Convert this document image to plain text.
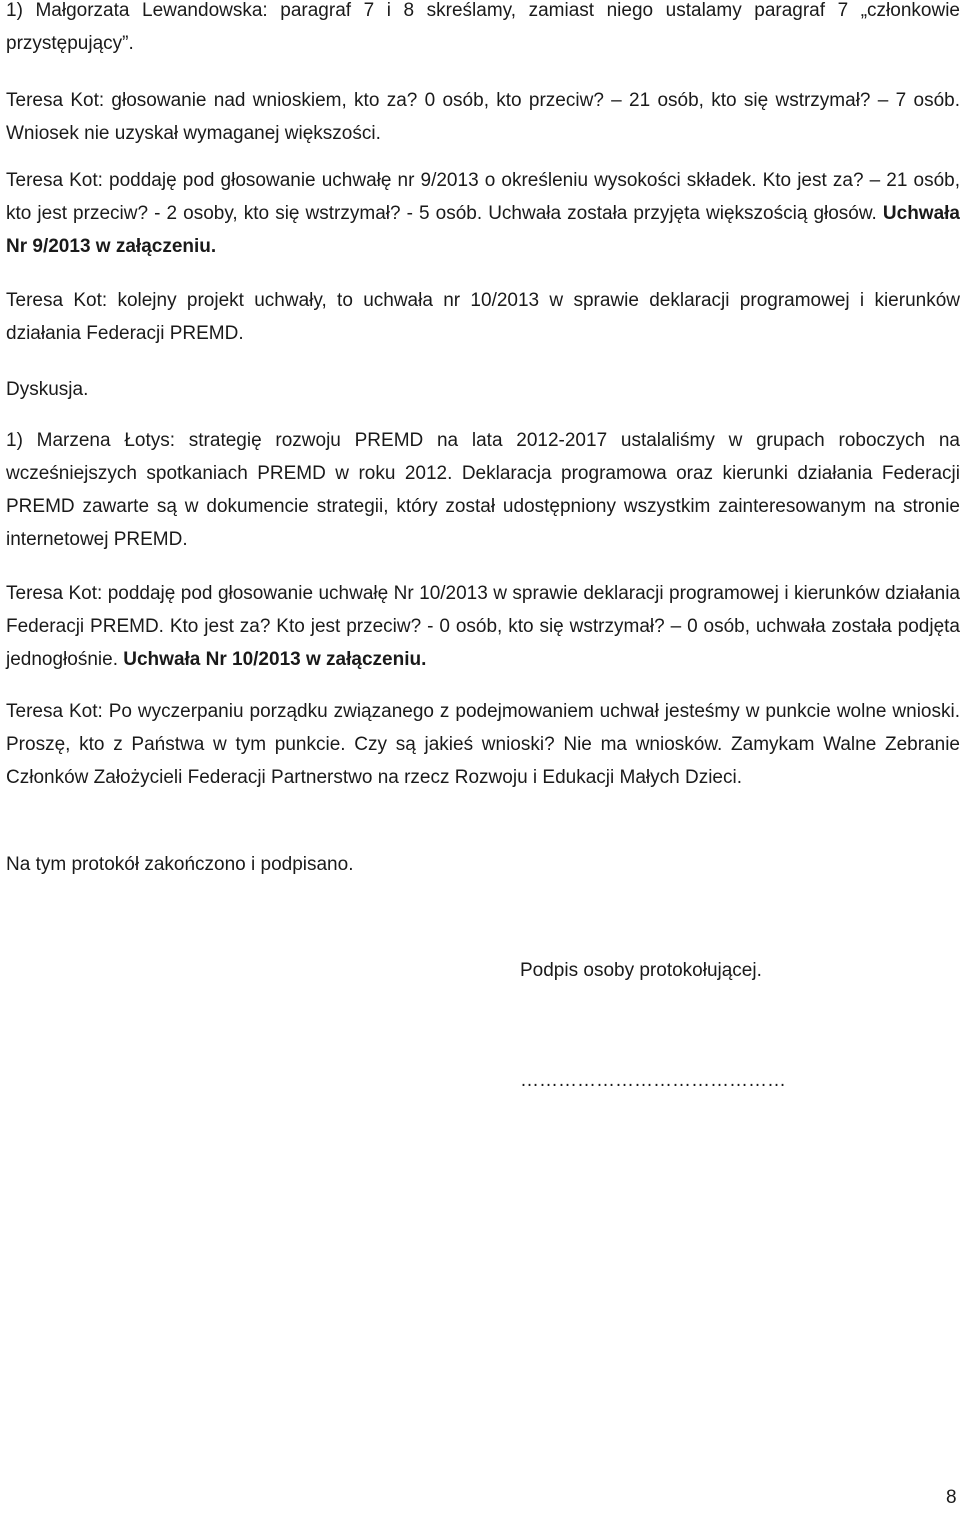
1) Małgorzata Lewandowska: paragraf 7 i 8 skreślamy, zamiast niego ustalamy paragraf 7 „członkowie przystępujący”.

Teresa Kot: głosowanie nad wnioskiem, kto za? 0 osób, kto przeciw? – 21 osób, kto się wstrzymał? – 7 osób. Wniosek nie uzyskał wymaganej większości.

Teresa Kot: poddaję pod głosowanie uchwałę nr 9/2013 o określeniu wysokości składek. Kto jest za? – 21 osób, kto jest przeciw? - 2 osoby, kto się wstrzymał? - 5 osób. Uchwała została przyjęta większością głosów. Uchwała Nr 9/2013 w załączeniu.

Teresa Kot: kolejny projekt uchwały, to uchwała nr 10/2013 w sprawie deklaracji programowej i kierunków działania Federacji PREMD.

Dyskusja.

1) Marzena Łotys: strategię rozwoju PREMD na lata 2012-2017 ustalaliśmy w grupach roboczych na wcześniejszych spotkaniach PREMD w roku 2012. Deklaracja programowa oraz kierunki działania Federacji PREMD zawarte są w dokumencie strategii, który został udostępniony wszystkim zainteresowanym na stronie internetowej PREMD.

Teresa Kot: poddaję pod głosowanie uchwałę Nr 10/2013 w sprawie deklaracji programowej i kierunków działania Federacji PREMD. Kto jest za? Kto jest przeciw? - 0 osób, kto się wstrzymał? – 0 osób, uchwała została podjęta jednogłośnie. Uchwała Nr 10/2013 w załączeniu.

Teresa Kot: Po wyczerpaniu porządku związanego z podejmowaniem uchwał jesteśmy w punkcie wolne wnioski. Proszę, kto z Państwa w tym punkcie. Czy są jakieś wnioski? Nie ma wniosków. Zamykam Walne Zebranie Członków Założycieli Federacji Partnerstwo na rzecz Rozwoju i Edukacji Małych Dzieci.

Na tym protokół zakończono i podpisano.

Podpis osoby protokołującej.
……………………………………
8
